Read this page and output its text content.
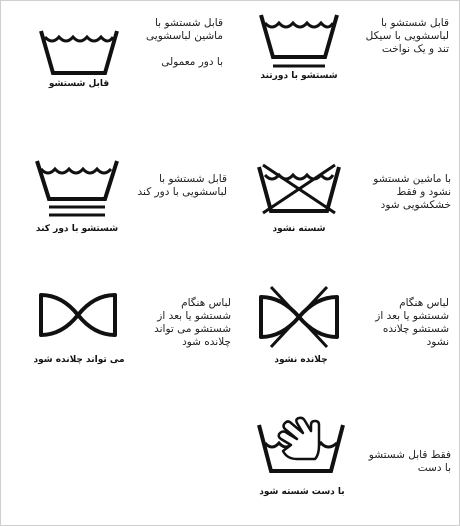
قابل شستشو
قابل شستشو با ماشین لباسشویی

با دور معمولی
شستشو با دورتند
قابل شستشو با لباسشویی با سیکل تند و یک نواخت
شستشو با دور کند
قابل شستشو با لباسشویی با دور کند
شسته نشود
با ماشین شستشو نشود و فقط خشکشویی شود
می تواند چلانده شود
لباس هنگام شستشو یا بعد از شستشو می تواند چلانده شود
چلانده نشود
لباس هنگام شستشو یا بعد از شستشو چلانده نشود
با دست شسته شود
فقط قابل شستشو با دست
